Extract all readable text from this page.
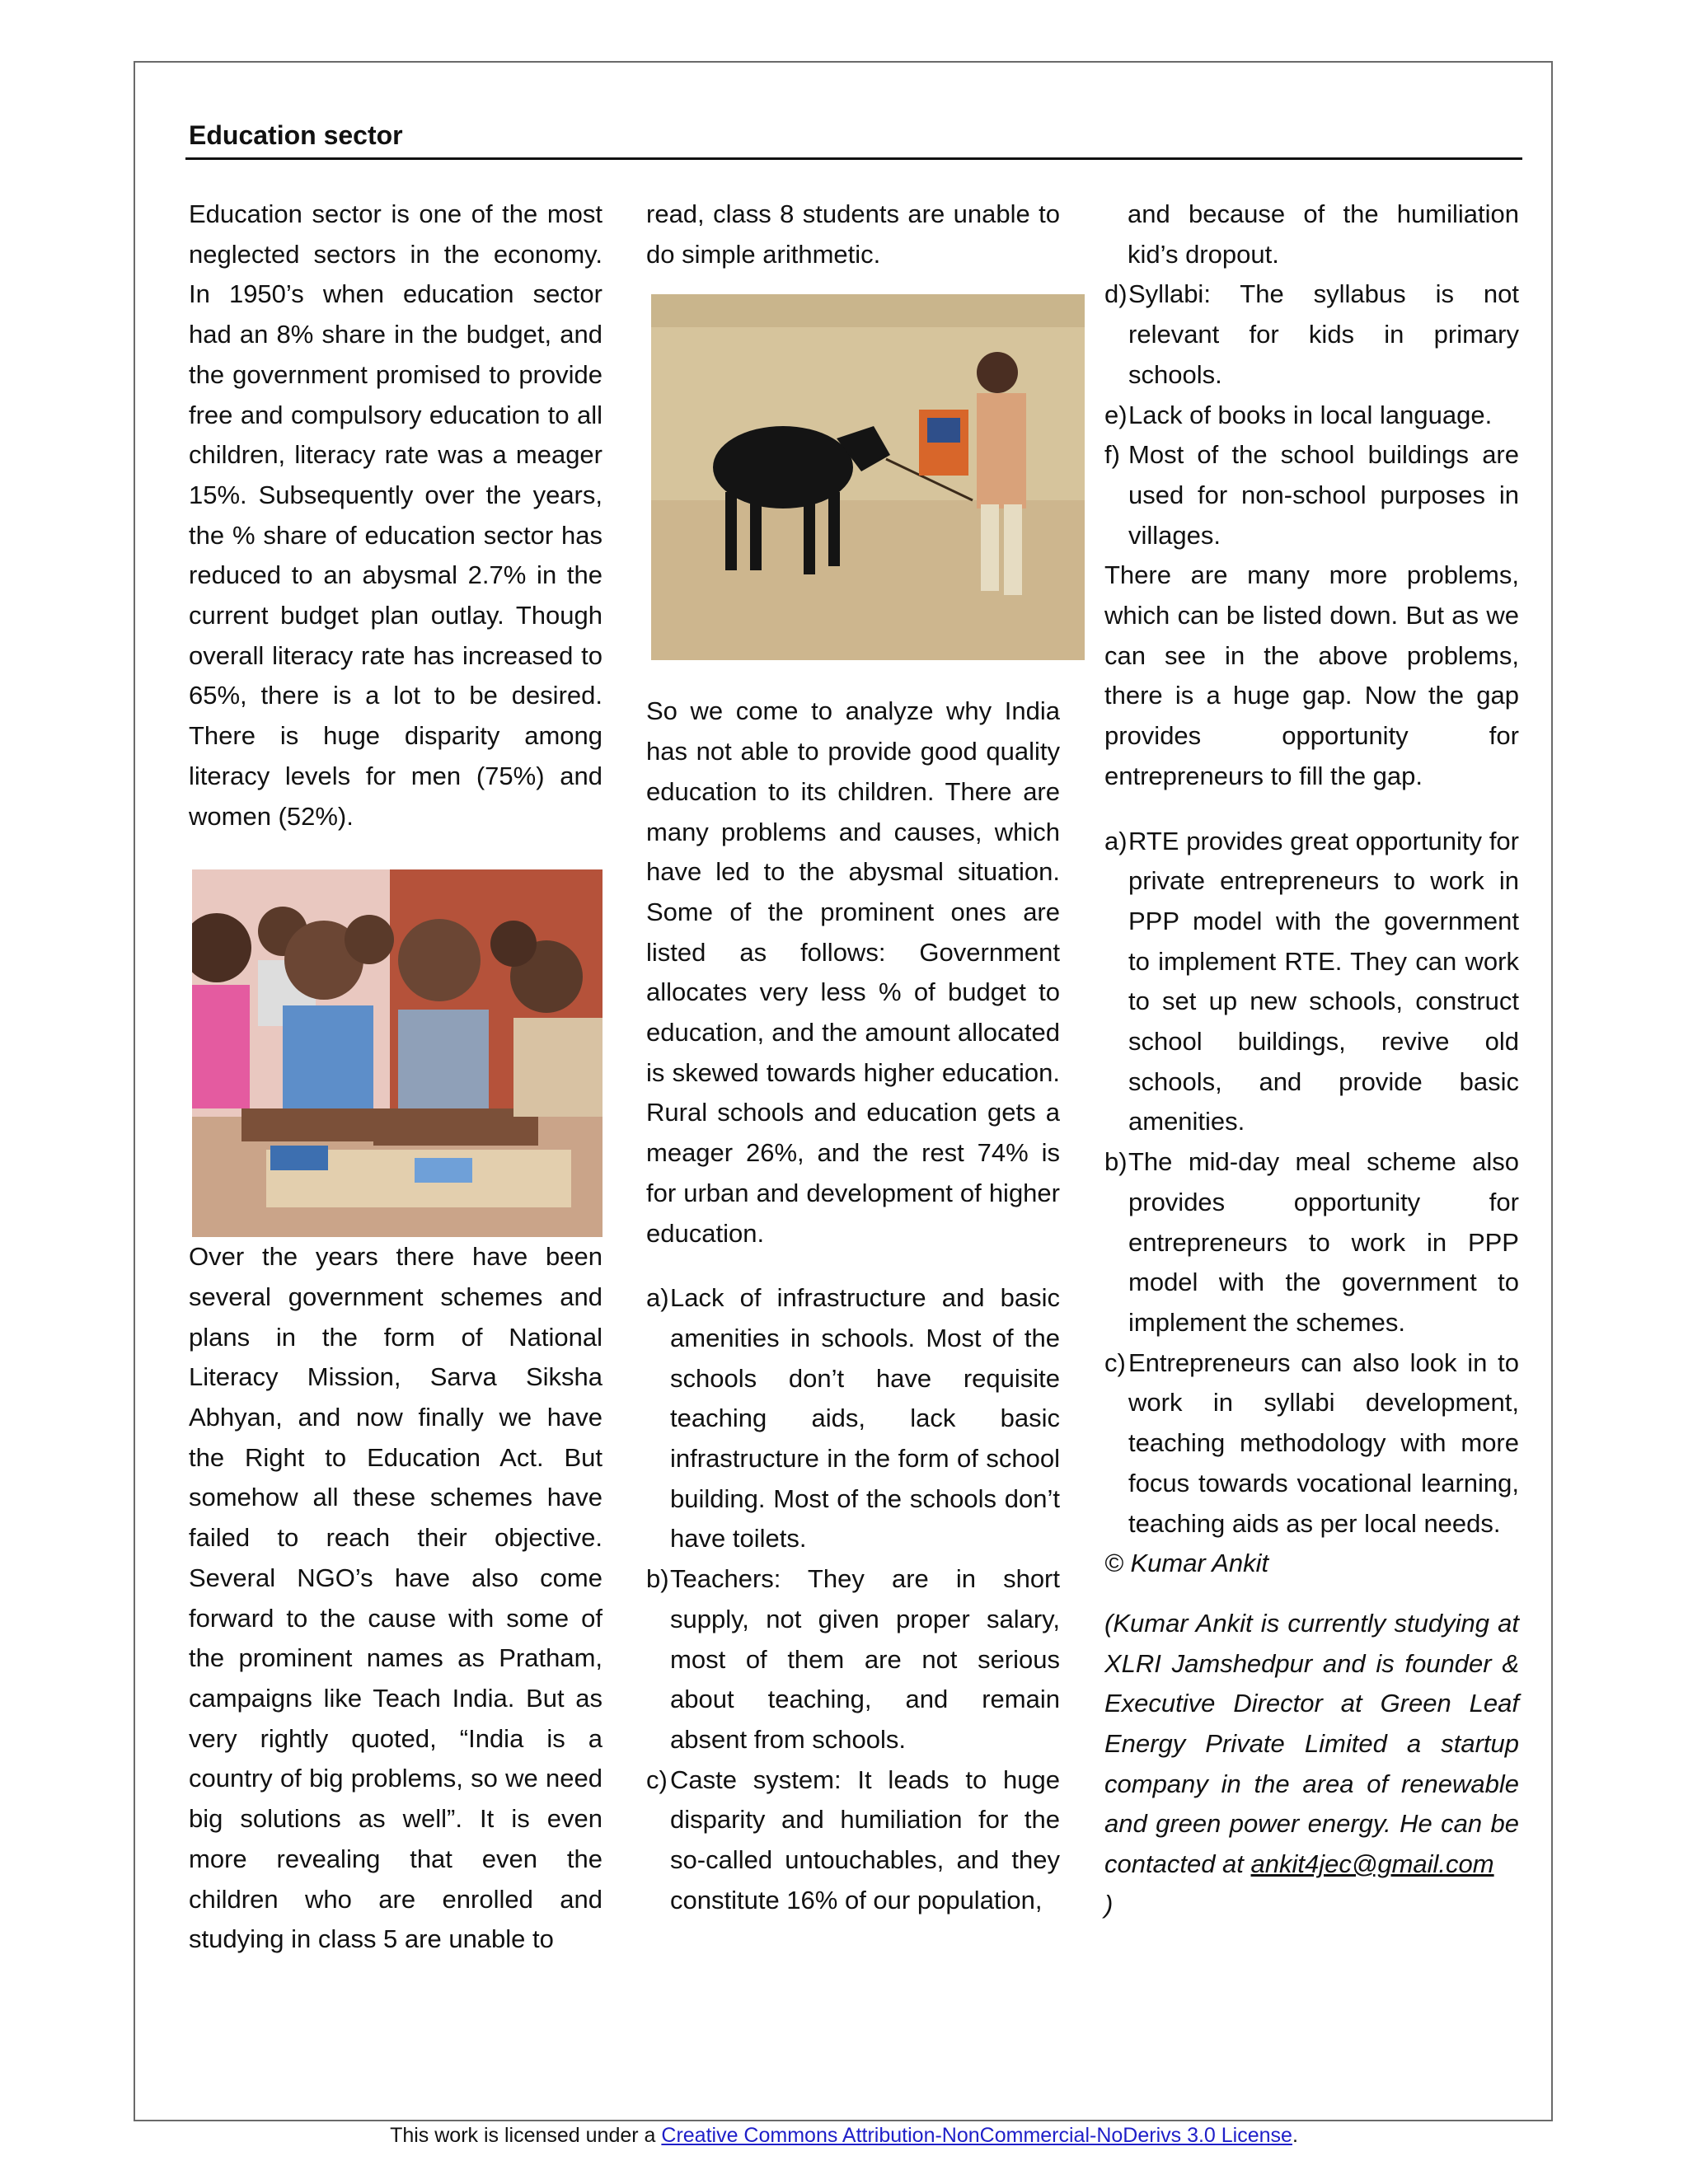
Education sector

Education sector is one of the most neglected sectors in the economy. In 1950’s when education sector had an 8% share in the budget, and the government promised to provide free and compulsory education to all children, literacy rate was a meager 15%. Subsequently over the years, the % share of education sector has reduced to an abysmal 2.7% in the current budget plan outlay. Though overall literacy rate has increased to 65%, there is a lot to be desired. There is huge disparity among literacy levels for men (75%) and women (52%).

Over the years there have been several government schemes and plans in the form of National Literacy Mission, Sarva Siksha Abhyan, and now finally we have the Right to Education Act. But somehow all these schemes have failed to reach their objective. Several NGO’s have also come forward to the cause with some of the prominent names as Pratham, campaigns like Teach India. But as very rightly quoted, “India is a country of big problems, so we need big solutions as well”. It is even more revealing that even the children who are enrolled and studying in class 5 are unable to

read, class 8 students are unable to do simple arithmetic.

So we come to analyze why India has not able to provide good quality education to its children. There are many problems and causes, which have led to the abysmal situation. Some of the prominent ones are listed as follows: Government allocates very less % of budget to education, and the amount allocated is skewed towards higher education. Rural schools and education gets a meager 26%, and the rest 74% is for urban and development of higher education.

a) Lack of infrastructure and basic amenities in schools. Most of the schools don’t have requisite teaching aids, lack basic infrastructure in the form of school building. Most of the schools don’t have toilets.
b) Teachers: They are in short supply, not given proper salary, most of them are not serious about teaching, and remain absent from schools.
c) Caste system: It leads to huge disparity and humiliation for the so-called untouchables, and they constitute 16% of our population,

and because of the humiliation kid’s dropout.

d) Syllabi: The syllabus is not relevant for kids in primary schools.
e) Lack of books in local language.
f) Most of the school buildings are used for non-school purposes in villages.

There are many more problems, which can be listed down. But as we can see in the above problems, there is a huge gap. Now the gap provides opportunity for entrepreneurs to fill the gap.

a) RTE provides great opportunity for private entrepreneurs to work in PPP model with the government to implement RTE. They can work to set up new schools, construct school buildings, revive old schools, and provide basic amenities.
b) The mid-day meal scheme also provides opportunity for entrepreneurs to work in PPP model with the government to implement the schemes.
c) Entrepreneurs can also look in to work in syllabi development, teaching methodology with more focus towards vocational learning, teaching aids as per local needs.

© Kumar Ankit

(Kumar Ankit is currently studying at XLRI Jamshedpur and is founder & Executive Director at Green Leaf Energy Private Limited a startup company in the area of renewable and green power energy. He can be contacted at ankit4jec@gmail.com
)

This work is licensed under a Creative Commons Attribution-NonCommercial-NoDerivs 3.0 License.
